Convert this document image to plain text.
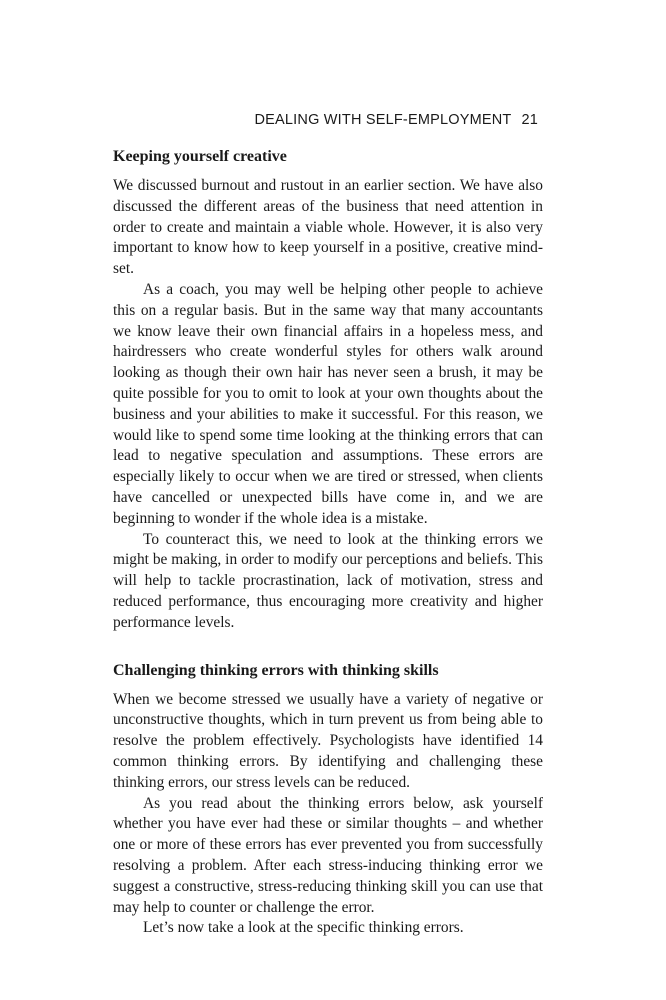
DEALING WITH SELF-EMPLOYMENT 21
Keeping yourself creative

We discussed burnout and rustout in an earlier section. We have also discussed the different areas of the business that need attention in order to create and maintain a viable whole. However, it is also very important to know how to keep yourself in a positive, creative mind-set.

As a coach, you may well be helping other people to achieve this on a regular basis. But in the same way that many accountants we know leave their own financial affairs in a hopeless mess, and hairdressers who create wonderful styles for others walk around looking as though their own hair has never seen a brush, it may be quite possible for you to omit to look at your own thoughts about the business and your abilities to make it successful. For this reason, we would like to spend some time looking at the thinking errors that can lead to negative speculation and assumptions. These errors are especially likely to occur when we are tired or stressed, when clients have cancelled or unexpected bills have come in, and we are beginning to wonder if the whole idea is a mistake.

To counteract this, we need to look at the thinking errors we might be making, in order to modify our perceptions and beliefs. This will help to tackle procrastination, lack of motivation, stress and reduced performance, thus encouraging more creativity and higher performance levels.

Challenging thinking errors with thinking skills

When we become stressed we usually have a variety of negative or unconstructive thoughts, which in turn prevent us from being able to resolve the problem effectively. Psychologists have identified 14 common thinking errors. By identifying and challenging these thinking errors, our stress levels can be reduced.

As you read about the thinking errors below, ask yourself whether you have ever had these or similar thoughts – and whether one or more of these errors has ever prevented you from successfully resolving a problem. After each stress-inducing thinking error we suggest a constructive, stress-reducing thinking skill you can use that may help to counter or challenge the error.

Let’s now take a look at the specific thinking errors.
